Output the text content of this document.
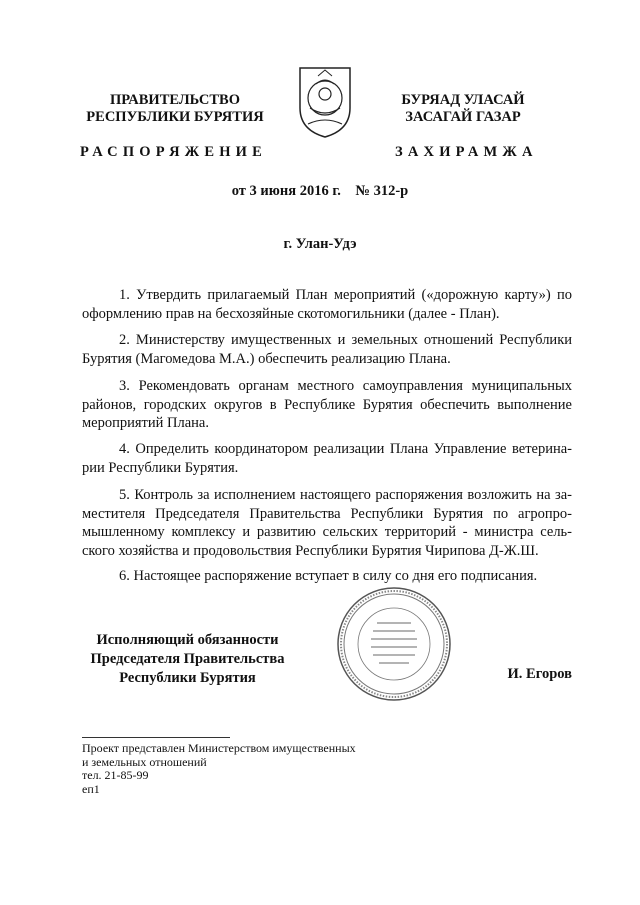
ПРАВИТЕЛЬСТВО
РЕСПУБЛИКИ БУРЯТИЯ
БУРЯАД УЛАСАЙ
ЗАСАГАЙ ГАЗАР
РАСПОРЯЖЕНИЕ	ЗАХИРАМЖА
от 3 июня 2016 г.    № 312-р
г. Улан-Удэ
1. Утвердить прилагаемый План мероприятий («дорожную карту») по оформлению прав на бесхозяйные скотомогильники (далее - План).
2. Министерству имущественных и земельных отношений Республики Бурятия (Магомедова М.А.) обеспечить реализацию Плана.
3. Рекомендовать органам местного самоуправления муниципальных районов, городских округов в Республике Бурятия обеспечить выполнение мероприятий Плана.
4. Определить координатором реализации Плана Управление ветерина-рии Республики Бурятия.
5. Контроль за исполнением настоящего распоряжения возложить на за-местителя Председателя Правительства Республики Бурятия по агропро-мышленному комплексу и развитию сельских территорий - министра сель-ского хозяйства и продовольствия Республики Бурятия Чирипова Д-Ж.Ш.
6. Настоящее распоряжение вступает в силу со дня его подписания.
Исполняющий обязанности
Председателя Правительства
Республики Бурятия	И. Егоров
Проект представлен Министерством имущественных
и земельных отношений
тел. 21-85-99
еп1
